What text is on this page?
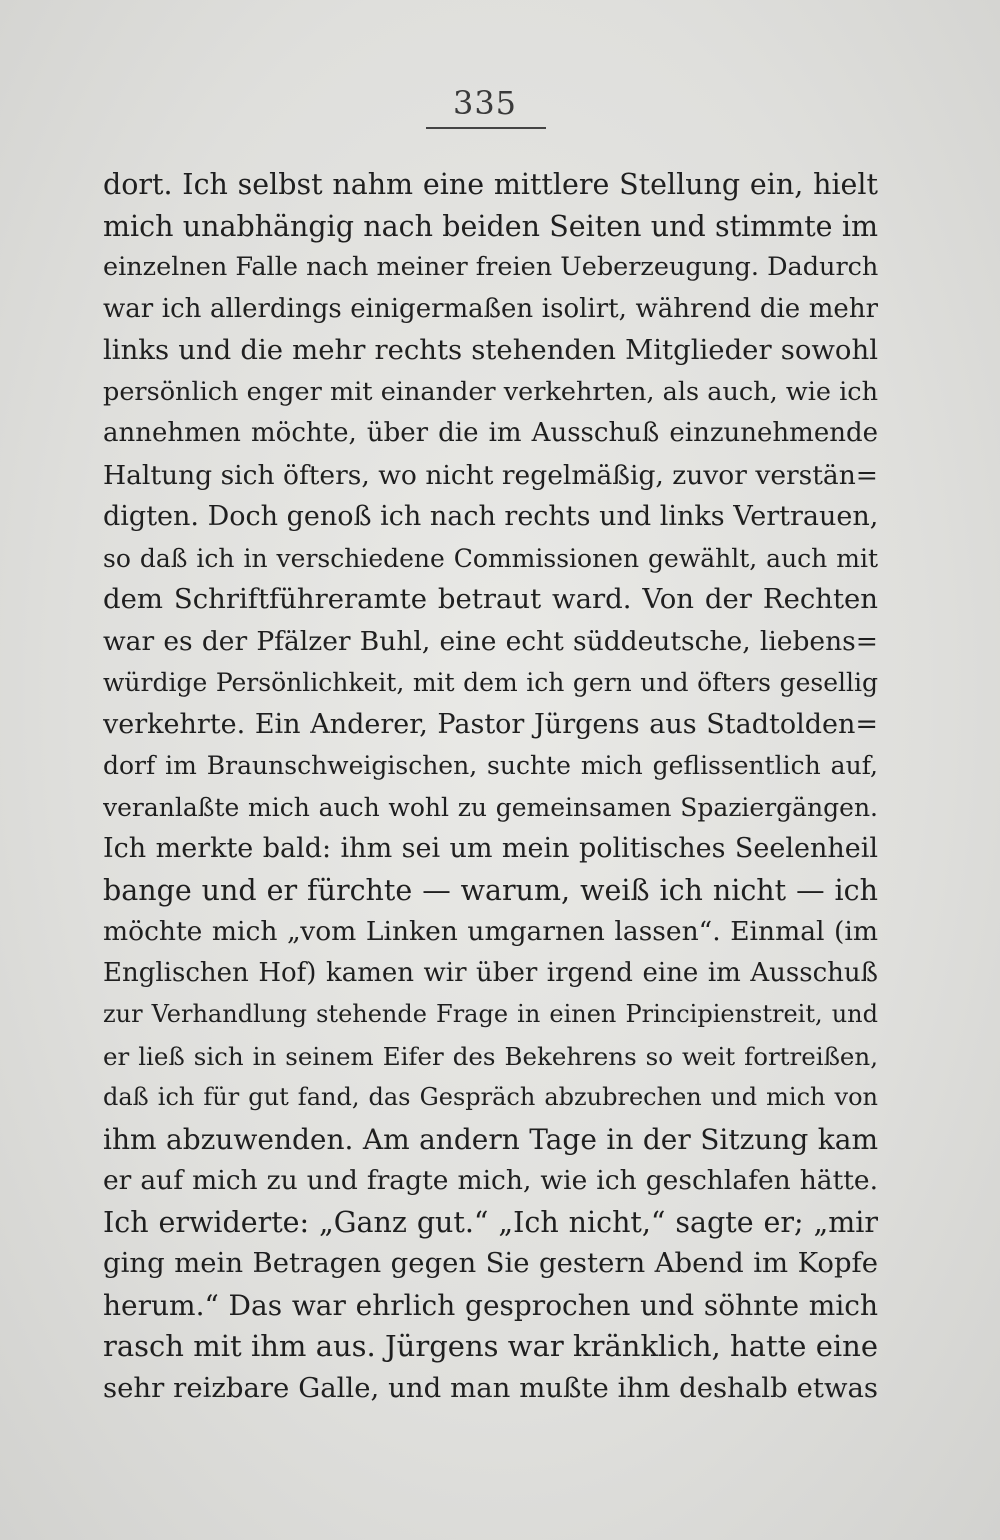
335
dort. Ich selbst nahm eine mittlere Stellung ein, hielt
mich unabhängig nach beiden Seiten und stimmte im
einzelnen Falle nach meiner freien Ueberzeugung. Dadurch
war ich allerdings einigermaßen isolirt, während die mehr
links und die mehr rechts stehenden Mitglieder sowohl
persönlich enger mit einander verkehrten, als auch, wie ich
annehmen möchte, über die im Ausschuß einzunehmende
Haltung sich öfters, wo nicht regelmäßig, zuvor verstän=
digten. Doch genoß ich nach rechts und links Vertrauen,
so daß ich in verschiedene Commissionen gewählt, auch mit
dem Schriftführeramte betraut ward. Von der Rechten
war es der Pfälzer Buhl, eine echt süddeutsche, liebens=
würdige Persönlichkeit, mit dem ich gern und öfters gesellig
verkehrte. Ein Anderer, Pastor Jürgens aus Stadtolden=
dorf im Braunschweigischen, suchte mich geflissentlich auf,
veranlaßte mich auch wohl zu gemeinsamen Spaziergängen.
Ich merkte bald: ihm sei um mein politisches Seelenheil
bange und er fürchte — warum, weiß ich nicht — ich
möchte mich „vom Linken umgarnen lassen“. Einmal (im
Englischen Hof) kamen wir über irgend eine im Ausschuß
zur Verhandlung stehende Frage in einen Principienstreit, und
er ließ sich in seinem Eifer des Bekehrens so weit fortreißen,
daß ich für gut fand, das Gespräch abzubrechen und mich von
ihm abzuwenden. Am andern Tage in der Sitzung kam
er auf mich zu und fragte mich, wie ich geschlafen hätte.
Ich erwiderte: „Ganz gut.“ „Ich nicht,“ sagte er; „mir
ging mein Betragen gegen Sie gestern Abend im Kopfe
herum.“ Das war ehrlich gesprochen und söhnte mich
rasch mit ihm aus. Jürgens war kränklich, hatte eine
sehr reizbare Galle, und man mußte ihm deshalb etwas
